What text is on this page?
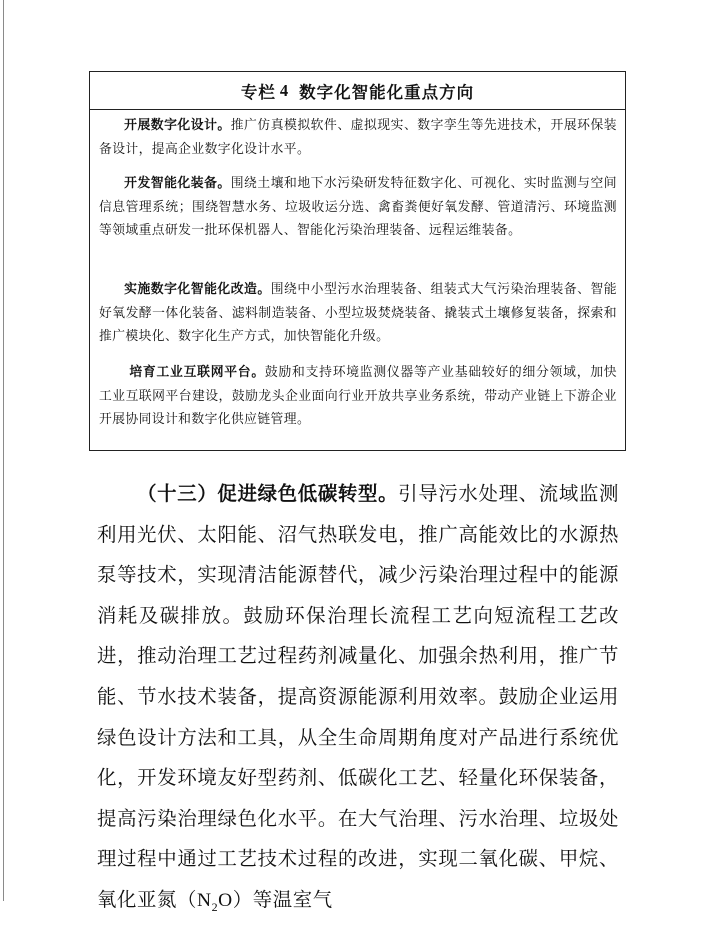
专栏 4 数字化智能化重点方向
开展数字化设计。推广仿真模拟软件、虚拟现实、数字孪生等先进技术，开展环保装备设计，提高企业数字化设计水平。
开发智能化装备。围绕土壤和地下水污染研发特征数字化、可视化、实时监测与空间信息管理系统；围绕智慧水务、垃圾收运分选、禽畜粪便好氧发酵、管道清污、环境监测等领域重点研发一批环保机器人、智能化污染治理装备、远程运维装备。
实施数字化智能化改造。围绕中小型污水治理装备、组装式大气污染治理装备、智能好氧发酵一体化装备、滤料制造装备、小型垃圾焚烧装备、撬装式土壤修复装备，探索和推广模块化、数字化生产方式，加快智能化升级。
培育工业互联网平台。鼓励和支持环境监测仪器等产业基础较好的细分领域，加快工业互联网平台建设，鼓励龙头企业面向行业开放共享业务系统，带动产业链上下游企业开展协同设计和数字化供应链管理。
（十三）促进绿色低碳转型。引导污水处理、流域监测利用光伏、太阳能、沼气热联发电，推广高能效比的水源热泵等技术，实现清洁能源替代，减少污染治理过程中的能源消耗及碳排放。鼓励环保治理长流程工艺向短流程工艺改进，推动治理工艺过程药剂减量化、加强余热利用，推广节能、节水技术装备，提高资源能源利用效率。鼓励企业运用绿色设计方法和工具，从全生命周期角度对产品进行系统优化，开发环境友好型药剂、低碳化工艺、轻量化环保装备，提高污染治理绿色化水平。在大气治理、污水治理、垃圾处理过程中通过工艺技术过程的改进，实现二氧化碳、甲烷、氧化亚氮$(N_2O)$等温室气
